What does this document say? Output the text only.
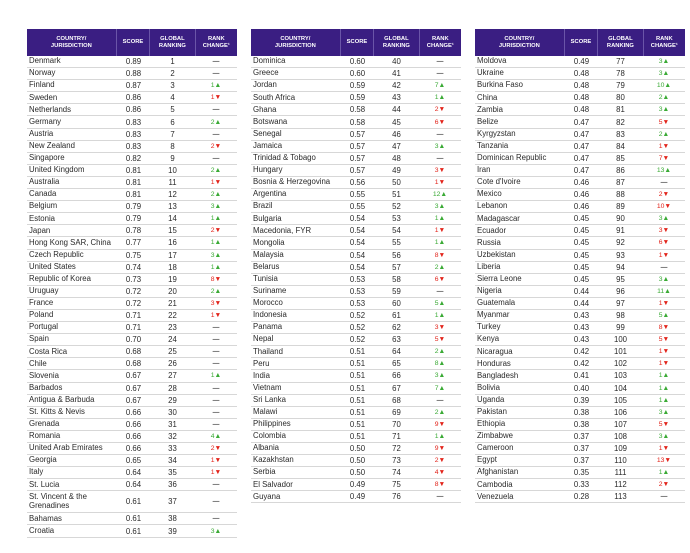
COUNTRY/
JURISDICTION
SCORE
GLOBAL
RANKING
RANK
CHANGE¹
Denmark	0.89	1	—
Norway	0.88	2	—
Finland	0.87	3	1▲
Sweden	0.86	4	1▼
Netherlands	0.86	5	—
Germany	0.83	6	2▲
Austria	0.83	7	—
New Zealand	0.83	8	2▼
Singapore	0.82	9	—
United Kingdom	0.81	10	2▲
Australia	0.81	11	1▼
Canada	0.81	12	2▲
Belgium	0.79	13	3▲
Estonia	0.79	14	1▲
Japan	0.78	15	2▼
Hong Kong SAR, China	0.77	16	1▲
Czech Republic	0.75	17	3▲
United States	0.74	18	1▲
Republic of Korea	0.73	19	8▼
Uruguay	0.72	20	2▲
France	0.72	21	3▼
Poland	0.71	22	1▼
Portugal	0.71	23	—
Spain	0.70	24	—
Costa Rica	0.68	25	—
Chile	0.68	26	—
Slovenia	0.67	27	1▲
Barbados	0.67	28	—
Antigua & Barbuda	0.67	29	—
St. Kitts & Nevis	0.66	30	—
Grenada	0.66	31	—
Romania	0.66	32	4▲
United Arab Emirates	0.66	33	2▼
Georgia	0.65	34	1▼
Italy	0.64	35	1▼
St. Lucia	0.64	36	—
St. Vincent & the Grenadines	0.61	37	—
Bahamas	0.61	38	—
Croatia	0.61	39	3▲
COUNTRY/
JURISDICTION
SCORE
GLOBAL
RANKING
RANK
CHANGE¹
Dominica	0.60	40	—
Greece	0.60	41	—
Jordan	0.59	42	7▲
South Africa	0.59	43	1▲
Ghana	0.58	44	2▼
Botswana	0.58	45	6▼
Senegal	0.57	46	—
Jamaica	0.57	47	3▲
Trinidad & Tobago	0.57	48	—
Hungary	0.57	49	3▼
Bosnia & Herzegovina	0.56	50	1▼
Argentina	0.55	51	12▲
Brazil	0.55	52	3▲
Bulgaria	0.54	53	1▲
Macedonia, FYR	0.54	54	1▼
Mongolia	0.54	55	1▲
Malaysia	0.54	56	8▼
Belarus	0.54	57	2▲
Tunisia	0.53	58	6▼
Suriname	0.53	59	—
Morocco	0.53	60	5▲
Indonesia	0.52	61	1▲
Panama	0.52	62	3▼
Nepal	0.52	63	5▼
Thailand	0.51	64	2▲
Peru	0.51	65	8▲
India	0.51	66	3▲
Vietnam	0.51	67	7▲
Sri Lanka	0.51	68	—
Malawi	0.51	69	2▲
Philippines	0.51	70	9▼
Colombia	0.51	71	1▲
Albania	0.50	72	9▼
Kazakhstan	0.50	73	2▼
Serbia	0.50	74	4▼
El Salvador	0.49	75	8▼
Guyana	0.49	76	—
COUNTRY/
JURISDICTION
SCORE
GLOBAL
RANKING
RANK
CHANGE¹
Moldova	0.49	77	3▲
Ukraine	0.48	78	3▲
Burkina Faso	0.48	79	10▲
China	0.48	80	2▲
Zambia	0.48	81	3▲
Belize	0.47	82	5▼
Kyrgyzstan	0.47	83	2▲
Tanzania	0.47	84	1▼
Dominican Republic	0.47	85	7▼
Iran	0.47	86	13▲
Cote d'Ivoire	0.46	87	—
Mexico	0.46	88	2▼
Lebanon	0.46	89	10▼
Madagascar	0.45	90	3▲
Ecuador	0.45	91	3▼
Russia	0.45	92	6▼
Uzbekistan	0.45	93	1▼
Liberia	0.45	94	—
Sierra Leone	0.45	95	3▲
Nigeria	0.44	96	11▲
Guatemala	0.44	97	1▼
Myanmar	0.43	98	5▲
Turkey	0.43	99	8▼
Kenya	0.43	100	5▼
Nicaragua	0.42	101	1▼
Honduras	0.42	102	1▼
Bangladesh	0.41	103	1▲
Bolivia	0.40	104	1▲
Uganda	0.39	105	1▲
Pakistan	0.38	106	3▲
Ethiopia	0.38	107	5▼
Zimbabwe	0.37	108	3▲
Cameroon	0.37	109	1▼
Egypt	0.37	110	13▼
Afghanistan	0.35	111	1▲
Cambodia	0.33	112	2▼
Venezuela	0.28	113	—
